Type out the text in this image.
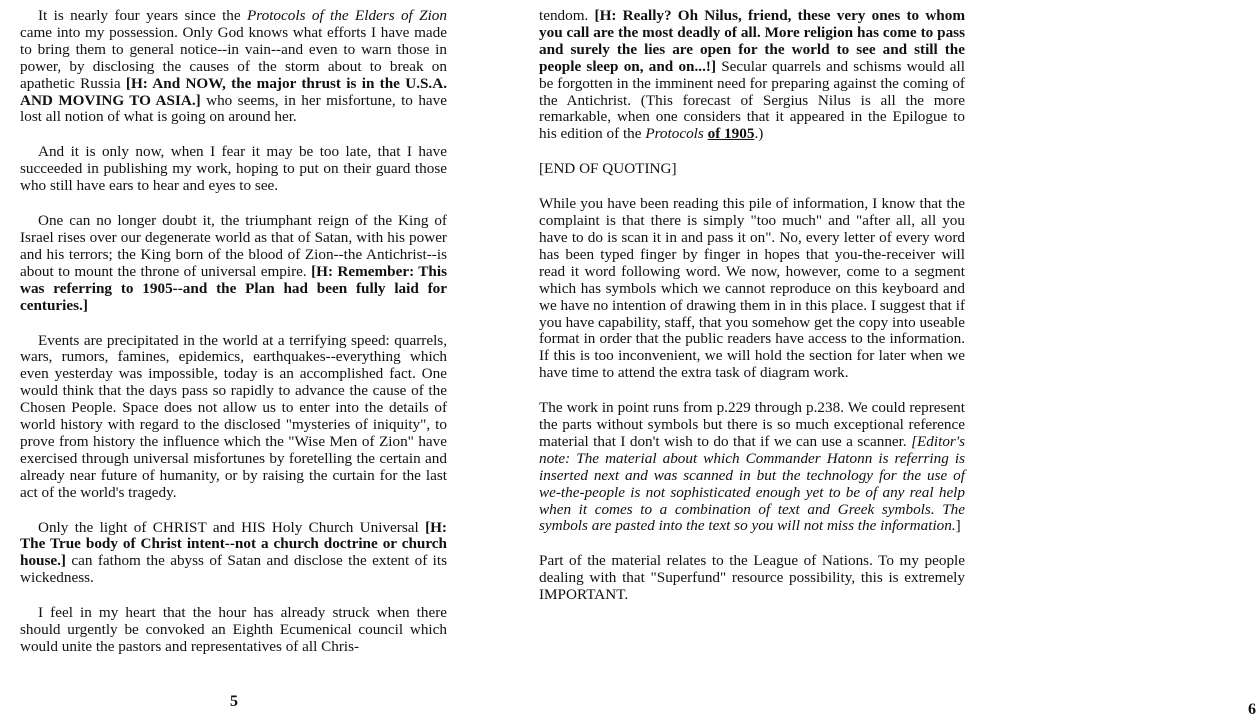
It is nearly four years since the Protocols of the Elders of Zion came into my possession. Only God knows what efforts I have made to bring them to general notice--in vain--and even to warn those in power, by disclosing the causes of the storm about to break on apathetic Russia [H: And NOW, the major thrust is in the U.S.A. AND MOVING TO ASIA.] who seems, in her misfortune, to have lost all notion of what is going on around her.

And it is only now, when I fear it may be too late, that I have succeeded in publishing my work, hoping to put on their guard those who still have ears to hear and eyes to see.

One can no longer doubt it, the triumphant reign of the King of Israel rises over our degenerate world as that of Satan, with his power and his terrors; the King born of the blood of Zion--the Antichrist--is about to mount the throne of universal empire. [H: Remember: This was referring to 1905--and the Plan had been fully laid for centuries.]

Events are precipitated in the world at a terrifying speed: quarrels, wars, rumors, famines, epidemics, earthquakes--everything which even yesterday was impossible, today is an accomplished fact. One would think that the days pass so rapidly to advance the cause of the Chosen People. Space does not allow us to enter into the details of world history with regard to the disclosed "mysteries of iniquity", to prove from history the influence which the "Wise Men of Zion" have exercised through universal misfortunes by foretelling the certain and already near future of humanity, or by raising the curtain for the last act of the world's tragedy.

Only the light of CHRIST and HIS Holy Church Universal [H: The True body of Christ intent--not a church doctrine or church house.] can fathom the abyss of Satan and disclose the extent of its wickedness.

I feel in my heart that the hour has already struck when there should urgently be convoked an Eighth Ecumenical council which would unite the pastors and representatives of all Chris-

5

tendom. [H: Really? Oh Nilus, friend, these very ones to whom you call are the most deadly of all. More religion has come to pass and surely the lies are open for the world to see and still the people sleep on, and on...!] Secular quarrels and schisms would all be forgotten in the imminent need for preparing against the coming of the Antichrist. (This forecast of Sergius Nilus is all the more remarkable, when one considers that it appeared in the Epilogue to his edition of the Protocols of 1905.)

[END OF QUOTING]

While you have been reading this pile of information, I know that the complaint is that there is simply "too much" and "after all, all you have to do is scan it in and pass it on". No, every letter of every word has been typed finger by finger in hopes that you-the-receiver will read it word following word. We now, however, come to a segment which has symbols which we cannot reproduce on this keyboard and we have no intention of drawing them in in this place. I suggest that if you have capability, staff, that you somehow get the copy into useable format in order that the public readers have access to the information. If this is too inconvenient, we will hold the section for later when we have time to attend the extra task of diagram work.

The work in point runs from p.229 through p.238. We could represent the parts without symbols but there is so much exceptional reference material that I don't wish to do that if we can use a scanner. [Editor's note: The material about which Commander Hatonn is referring is inserted next and was scanned in but the technology for the use of we-the-people is not sophisticated enough yet to be of any real help when it comes to a combination of text and Greek symbols. The symbols are pasted into the text so you will not miss the information.]

Part of the material relates to the League of Nations. To my people dealing with that "Superfund" resource possibility, this is extremely IMPORTANT.

6
